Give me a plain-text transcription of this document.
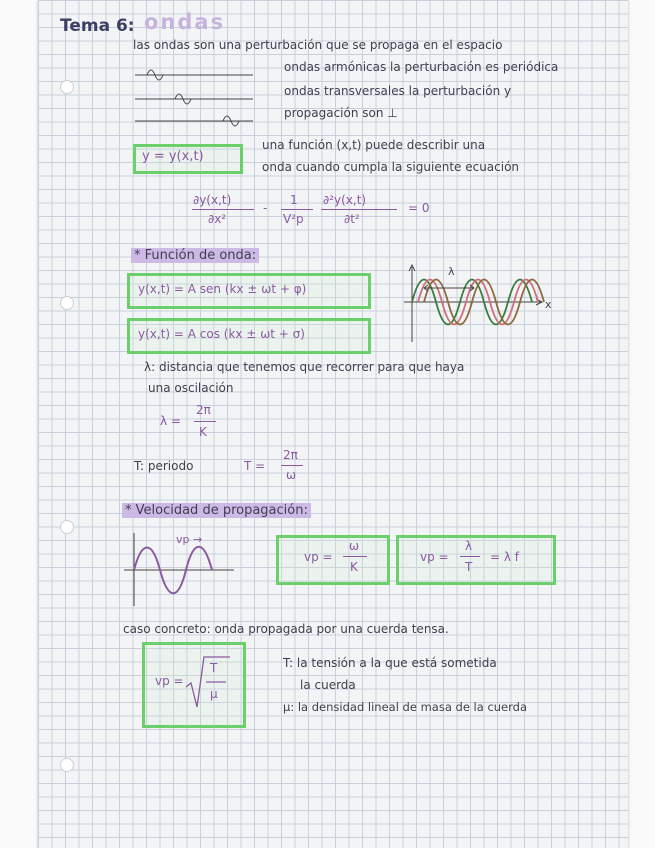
Tema 6: ondas
las ondas son una perturbación que se propaga en el espacio
ondas armónicas la perturbación es periódica
ondas transversales la perturbación y
propagación son ⊥
y = y(x,t)
una función (x,t) puede describir una
onda cuando cumpla la siguiente ecuación
∂y(x,t)
∂x²
-
1
V²p
∂²y(x,t)
∂t²
= 0
* Función de onda:
y(x,t) = A sen (kx ± ωt + φ)
y(x,t) = A cos (kx ± ωt + σ)
λ
x
λ: distancia que tenemos que recorrer para que haya
una oscilación
λ =
2π
K
T: periodo	T =
2π
ω
* Velocidad de propagación:
vp →
vp =
ω
K
vp =
λ
T
= λ f
caso concreto: onda propagada por una cuerda tensa.
vp =
T
μ
T: la tensión a la que está sometida
la cuerda
μ: la densidad lineal de masa de la cuerda
